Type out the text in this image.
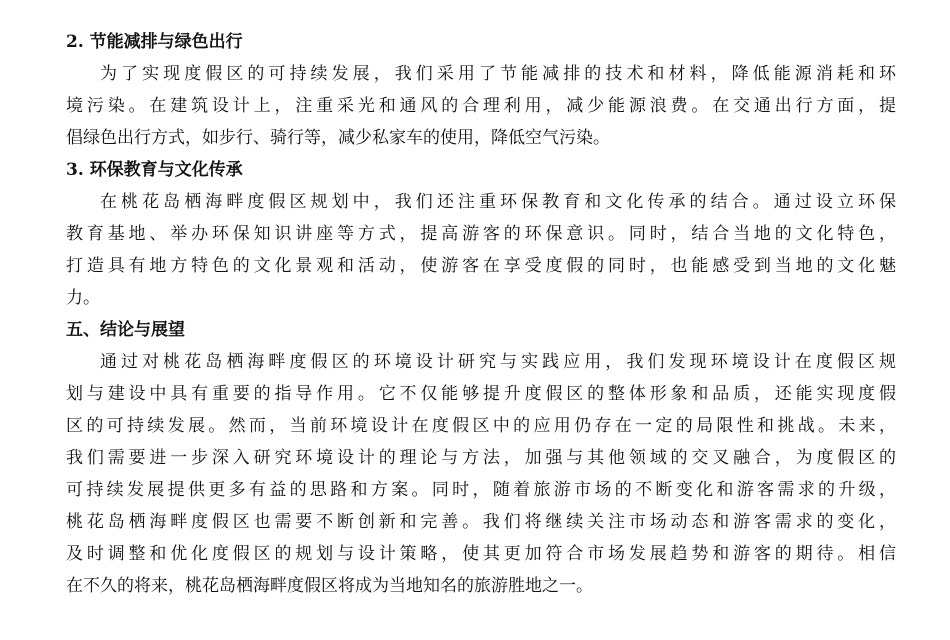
2. 节能减排与绿色出行
为了实现度假区的可持续发展，我们采用了节能减排的技术和材料，降低能源消耗和环
境污染。在建筑设计上，注重采光和通风的合理利用，减少能源浪费。在交通出行方面，提
倡绿色出行方式，如步行、骑行等，减少私家车的使用，降低空气污染。
3. 环保教育与文化传承
在桃花岛栖海畔度假区规划中，我们还注重环保教育和文化传承的结合。通过设立环保
教育基地、举办环保知识讲座等方式，提高游客的环保意识。同时，结合当地的文化特色，
打造具有地方特色的文化景观和活动，使游客在享受度假的同时，也能感受到当地的文化魅
力。
五、结论与展望
通过对桃花岛栖海畔度假区的环境设计研究与实践应用，我们发现环境设计在度假区规
划与建设中具有重要的指导作用。它不仅能够提升度假区的整体形象和品质，还能实现度假
区的可持续发展。然而，当前环境设计在度假区中的应用仍存在一定的局限性和挑战。未来，
我们需要进一步深入研究环境设计的理论与方法，加强与其他领域的交叉融合，为度假区的
可持续发展提供更多有益的思路和方案。同时，随着旅游市场的不断变化和游客需求的升级，
桃花岛栖海畔度假区也需要不断创新和完善。我们将继续关注市场动态和游客需求的变化，
及时调整和优化度假区的规划与设计策略，使其更加符合市场发展趋势和游客的期待。相信
在不久的将来，桃花岛栖海畔度假区将成为当地知名的旅游胜地之一。
